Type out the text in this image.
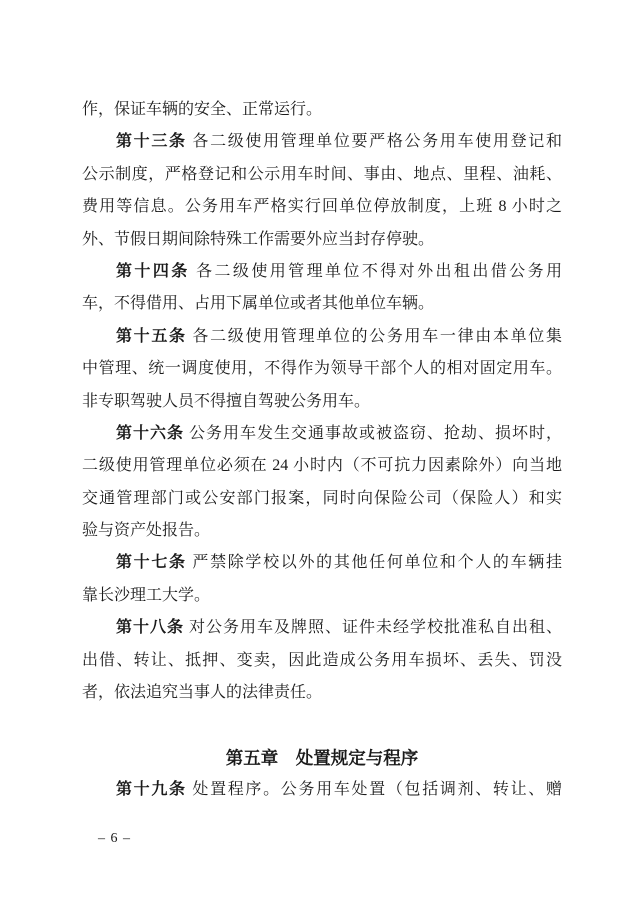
作，保证车辆的安全、正常运行。
第十三条 各二级使用管理单位要严格公务用车使用登记和
公示制度，严格登记和公示用车时间、事由、地点、里程、油耗、
费用等信息。公务用车严格实行回单位停放制度，上班 8 小时之
外、节假日期间除特殊工作需要外应当封存停驶。
第十四条 各二级使用管理单位不得对外出租出借公务用
车，不得借用、占用下属单位或者其他单位车辆。
第十五条 各二级使用管理单位的公务用车一律由本单位集
中管理、统一调度使用，不得作为领导干部个人的相对固定用车。
非专职驾驶人员不得擅自驾驶公务用车。
第十六条 公务用车发生交通事故或被盗窃、抢劫、损坏时，
二级使用管理单位必须在 24 小时内（不可抗力因素除外）向当地
交通管理部门或公安部门报案，同时向保险公司（保险人）和实
验与资产处报告。
第十七条 严禁除学校以外的其他任何单位和个人的车辆挂
靠长沙理工大学。
第十八条 对公务用车及牌照、证件未经学校批准私自出租、
出借、转让、抵押、变卖，因此造成公务用车损坏、丢失、罚没
者，依法追究当事人的法律责任。
第五章　处置规定与程序
第十九条 处置程序。公务用车处置（包括调剂、转让、赠
– 6 –
